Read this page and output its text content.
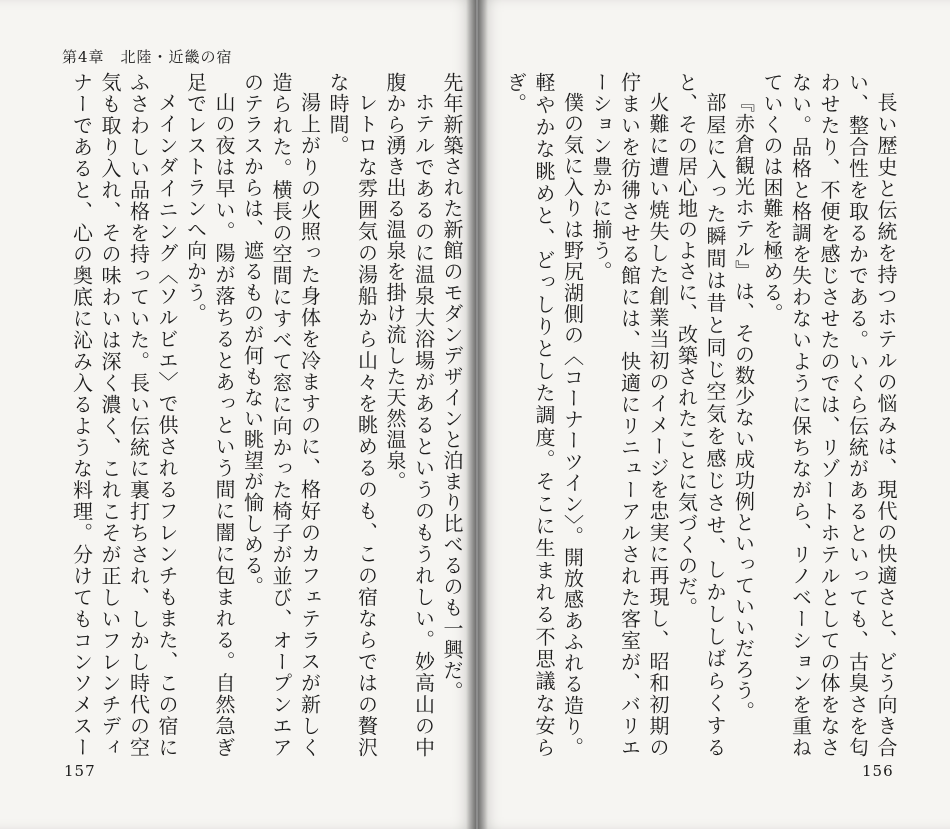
第4章　北陸・近畿の宿

先年新築された新館のモダンデザインと泊まり比べるのも一興だ。

ホテルであるのに温泉大浴場があるというのもうれしい。妙高山の中腹から湧き出る温泉を掛け流した天然温泉。

レトロな雰囲気の湯船から山々を眺めるのも、この宿ならではの贅沢な時間。

湯上がりの火照った身体を冷ますのに、格好のカフェテラスが新しく造られた。横長の空間にすべて窓に向かった椅子が並び、オープンエアのテラスからは、遮るものが何もない眺望が愉しめる。

山の夜は早い。陽が落ちるとあっという間に闇に包まれる。自然急ぎ足でレストランへ向かう。

メインダイニング〈ソルビエ〉で供されるフレンチもまた、この宿にふさわしい品格を持っていた。長い伝統に裏打ちされ、しかし時代の空気も取り入れ、その味わいは深く濃く、これこそが正しいフレンチディナーであると、心の奥底に沁み入るような料理。分けてもコンソメスー	長い歴史と伝統を持つホテルの悩みは、現代の快適さと、どう向き合い、整合性を取るかである。いくら伝統があるといっても、古臭さを匂わせたり、不便を感じさせたのでは、リゾートホテルとしての体をなさない。品格と格調を失わないように保ちながら、リノベーションを重ねていくのは困難を極める。

『赤倉観光ホテル』は、その数少ない成功例といっていいだろう。

部屋に入った瞬間は昔と同じ空気を感じさせ、しかししばらくすると、その居心地のよさに、改築されたことに気づくのだ。

火難に遭い焼失した創業当初のイメージを忠実に再現し、昭和初期の佇まいを彷彿させる館には、快適にリニューアルされた客室が、バリエーション豊かに揃う。

僕の気に入りは野尻湖側の〈コーナーツイン〉。開放感あふれる造り。軽やかな眺めと、どっしりとした調度。そこに生まれる不思議な安らぎ。

157	156
